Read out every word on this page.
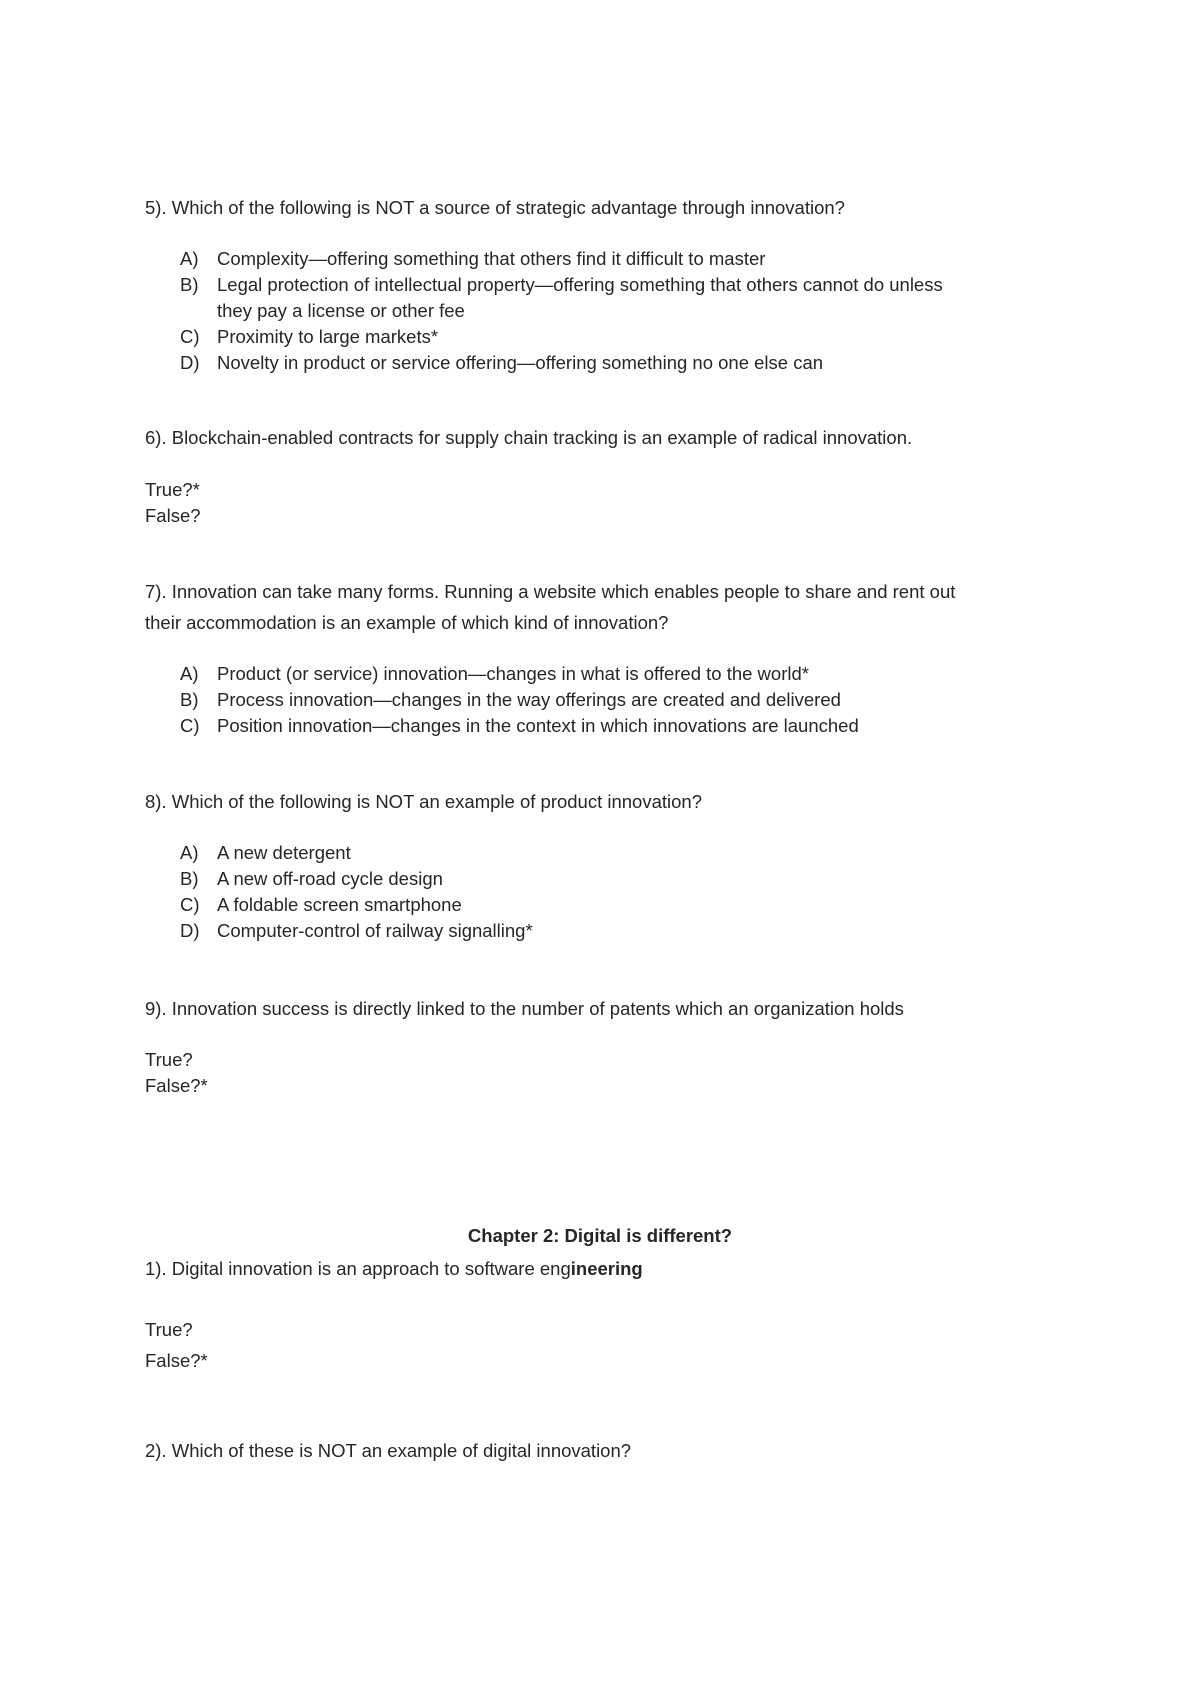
5). Which of the following is NOT a source of strategic advantage through innovation?
A) Complexity—offering something that others find it difficult to master
B) Legal protection of intellectual property—offering something that others cannot do unless
they pay a license or other fee
C) Proximity to large markets*
D) Novelty in product or service offering—offering something no one else can
6). Blockchain-enabled contracts for supply chain tracking is an example of radical innovation.
True?*
False?
7). Innovation can take many forms. Running a website which enables people to share and rent out
their accommodation is an example of which kind of innovation?
A) Product (or service) innovation—changes in what is offered to the world*
B) Process innovation—changes in the way offerings are created and delivered
C) Position innovation—changes in the context in which innovations are launched
8). Which of the following is NOT an example of product innovation?
A) A new detergent
B) A new off-road cycle design
C) A foldable screen smartphone
D) Computer-control of railway signalling*
9). Innovation success is directly linked to the number of patents which an organization holds
True?
False?*
Chapter 2: Digital is different?
1). Digital innovation is an approach to software engineering
True?
False?*
2). Which of these is NOT an example of digital innovation?
